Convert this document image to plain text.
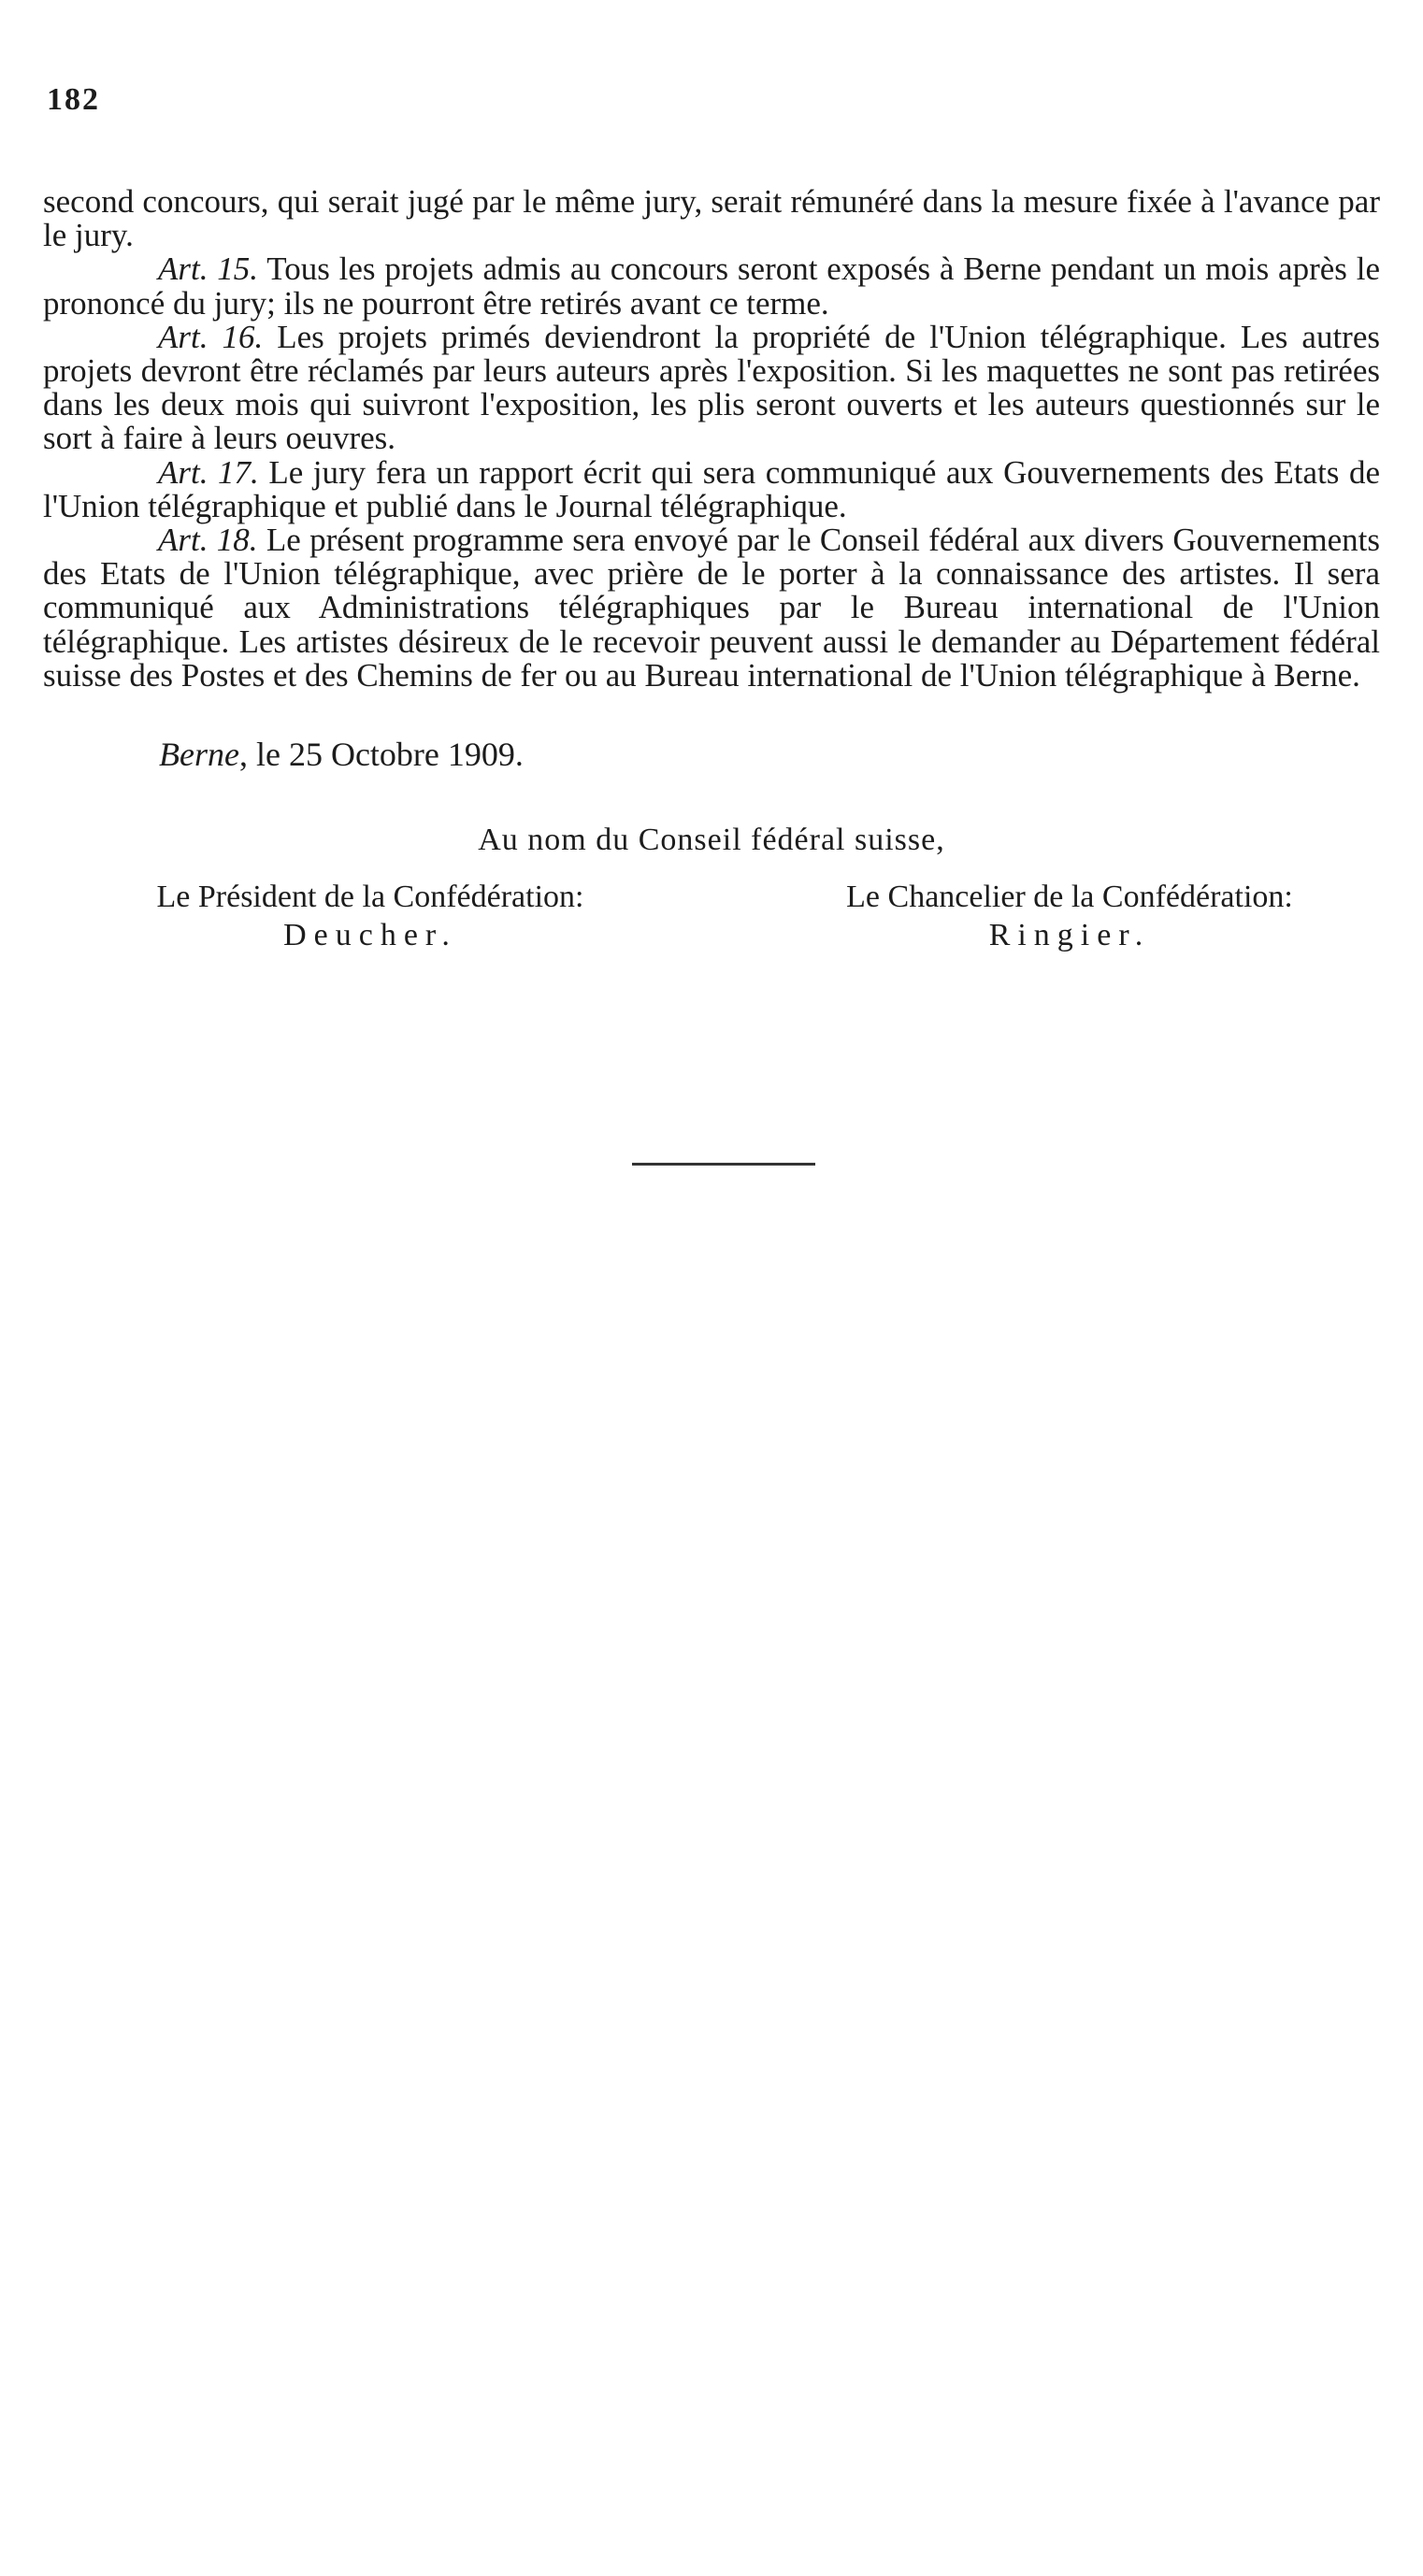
182

second concours, qui serait jugé par le même jury, serait rémunéré dans la mesure fixée à l'avance par le jury.

Art. 15. Tous les projets admis au concours seront exposés à Berne pendant un mois après le prononcé du jury; ils ne pourront être retirés avant ce terme.

Art. 16. Les projets primés deviendront la propriété de l'Union télégraphique. Les autres projets devront être réclamés par leurs auteurs après l'exposition. Si les maquettes ne sont pas retirées dans les deux mois qui suivront l'exposition, les plis seront ouverts et les auteurs questionnés sur le sort à faire à leurs oeuvres.

Art. 17. Le jury fera un rapport écrit qui sera communiqué aux Gouvernements des Etats de l'Union télégraphique et publié dans le Journal télégraphique.

Art. 18. Le présent programme sera envoyé par le Conseil fédéral aux divers Gouvernements des Etats de l'Union télégraphique, avec prière de le porter à la connaissance des artistes. Il sera communiqué aux Administrations télégraphiques par le Bureau international de l'Union télégraphique. Les artistes désireux de le recevoir peuvent aussi le demander au Département fédéral suisse des Postes et des Chemins de fer ou au Bureau international de l'Union télégraphique à Berne.

Berne, le 25 Octobre 1909.
Au nom du Conseil fédéral suisse,
Le Président de la Confédération:
Deucher.
Le Chancelier de la Confédération:
Ringier.
